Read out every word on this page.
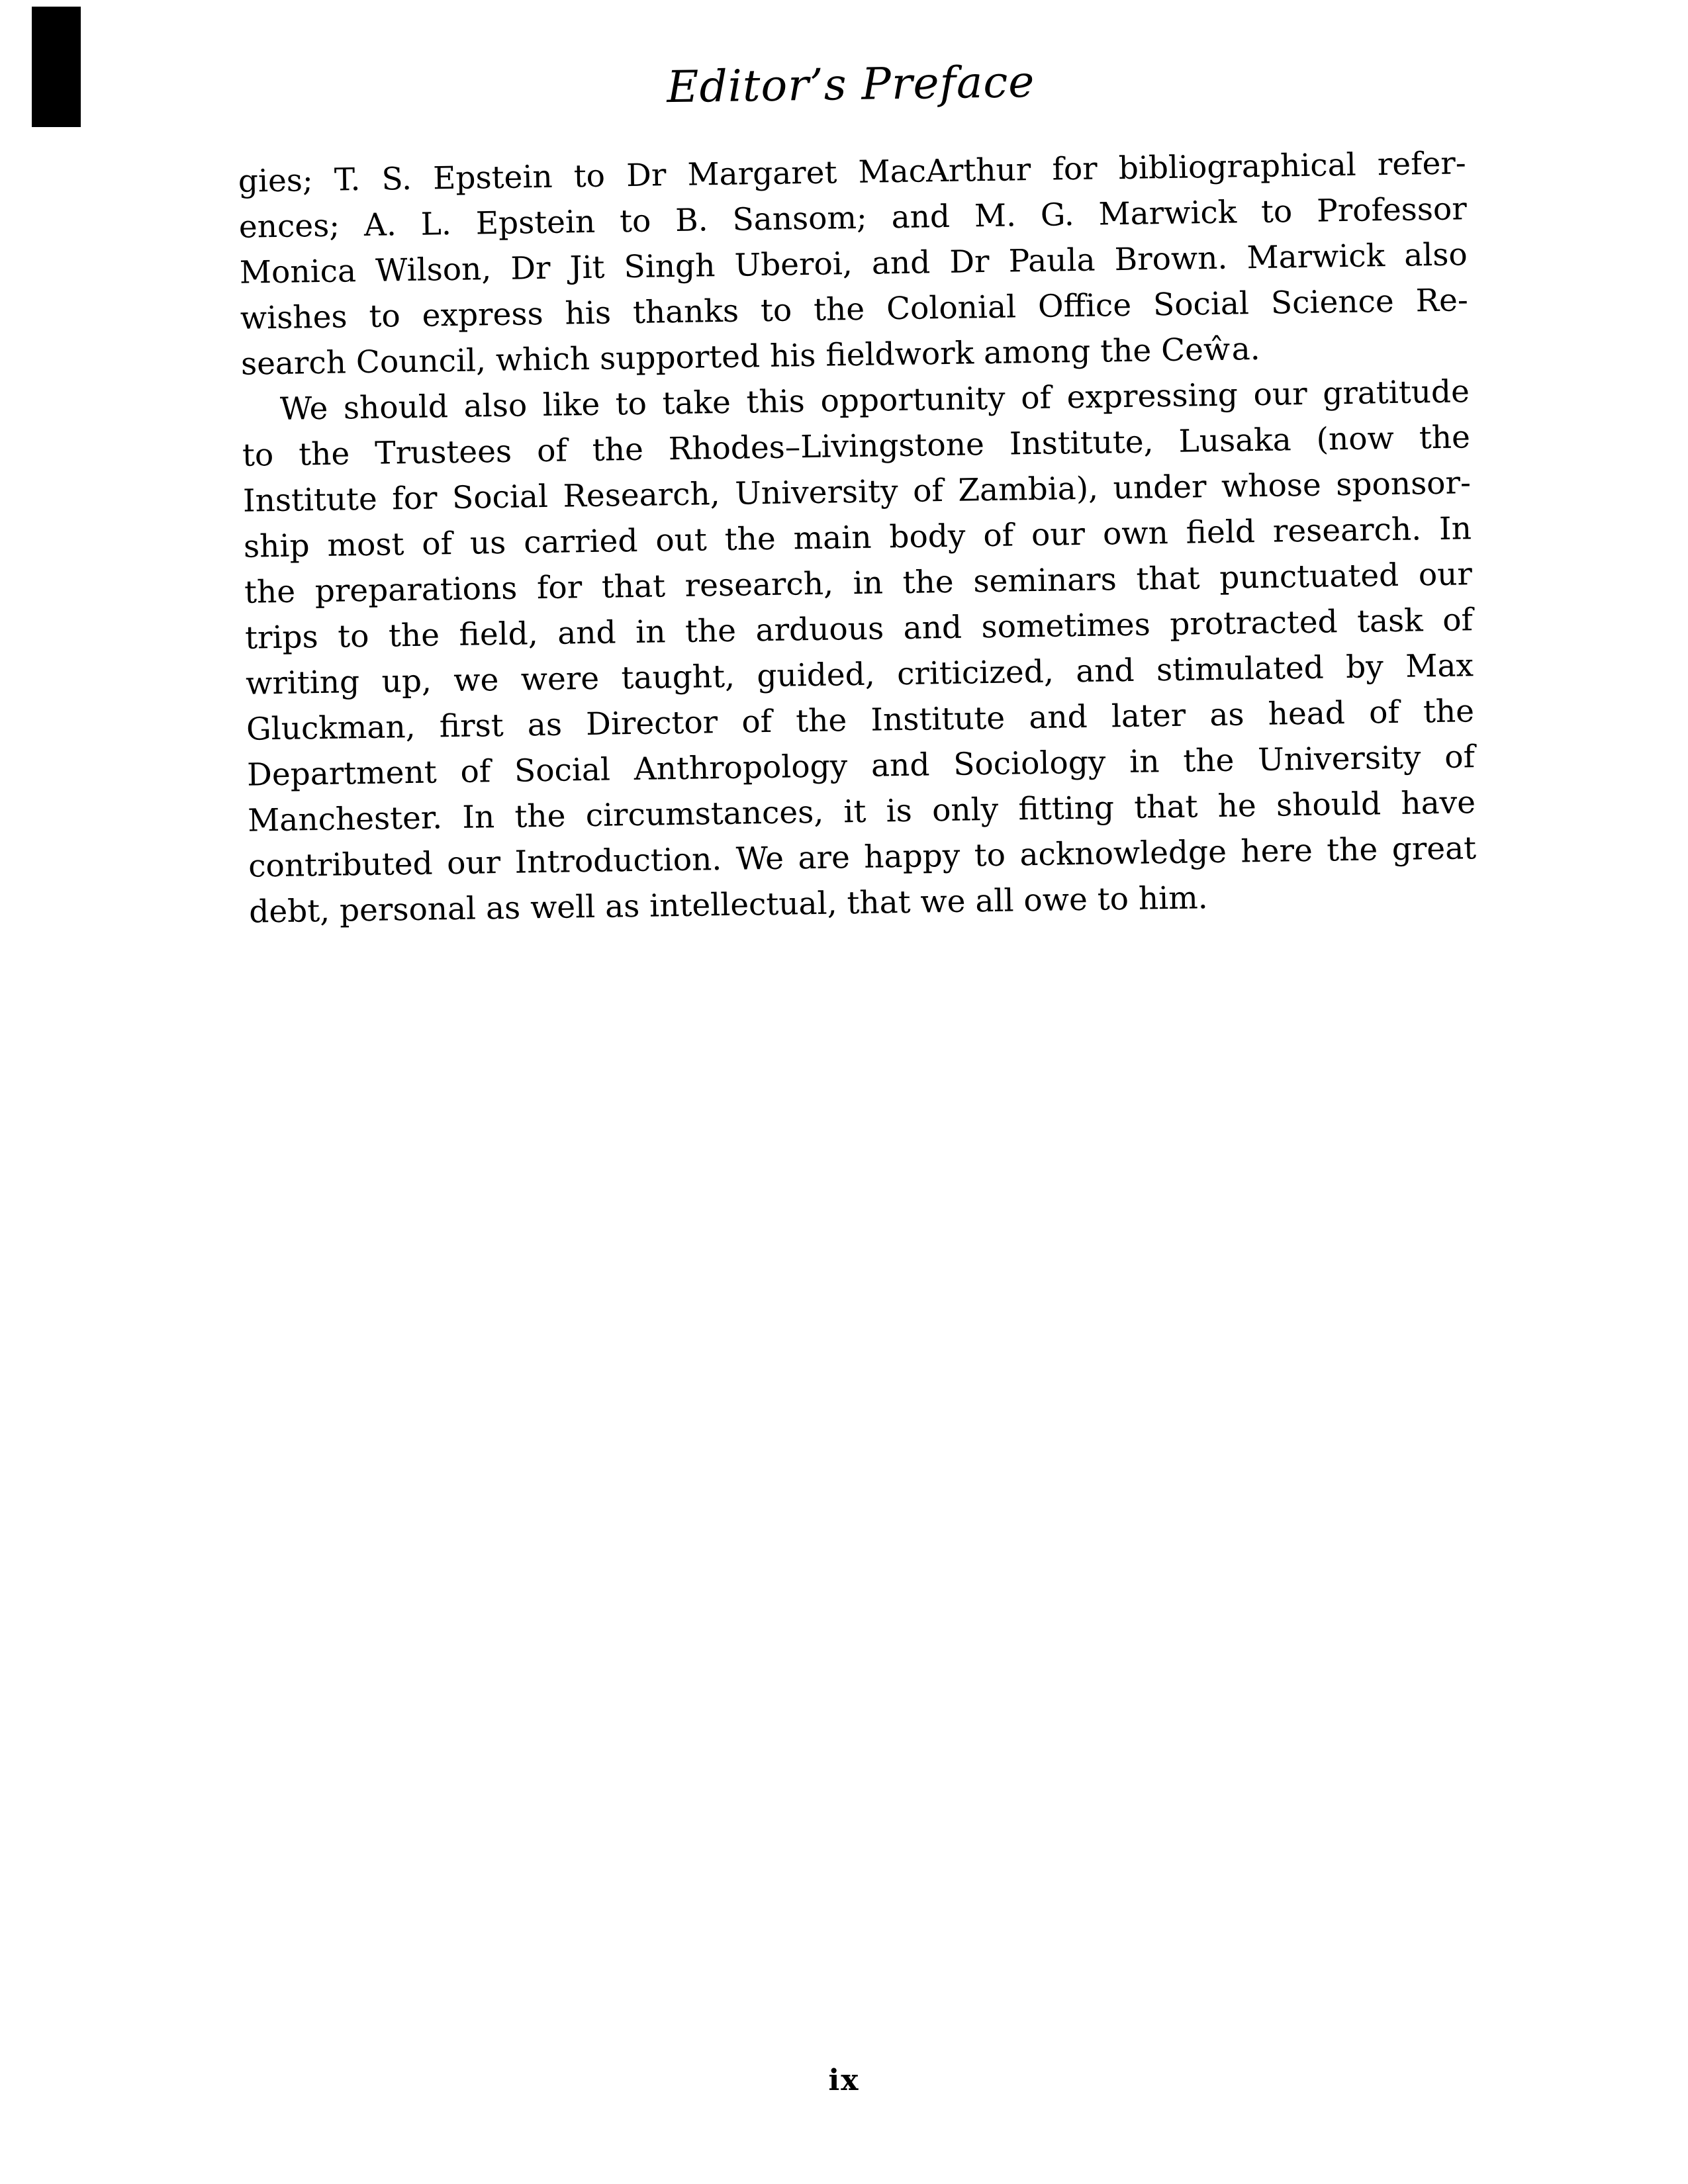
Editor’s Preface
gies; T. S. Epstein to Dr Margaret MacArthur for bibliographical refer-
ences; A. L. Epstein to B. Sansom; and M. G. Marwick to Professor
Monica Wilson, Dr Jit Singh Uberoi, and Dr Paula Brown. Marwick also
wishes to express his thanks to the Colonial Office Social Science Re-
search Council, which supported his fieldwork among the Ceŵa.
We should also like to take this opportunity of expressing our gratitude
to the Trustees of the Rhodes–Livingstone Institute, Lusaka (now the
Institute for Social Research, University of Zambia), under whose sponsor-
ship most of us carried out the main body of our own field research. In
the preparations for that research, in the seminars that punctuated our
trips to the field, and in the arduous and sometimes protracted task of
writing up, we were taught, guided, criticized, and stimulated by Max
Gluckman, first as Director of the Institute and later as head of the
Department of Social Anthropology and Sociology in the University of
Manchester. In the circumstances, it is only fitting that he should have
contributed our Introduction. We are happy to acknowledge here the great
debt, personal as well as intellectual, that we all owe to him.
ix
